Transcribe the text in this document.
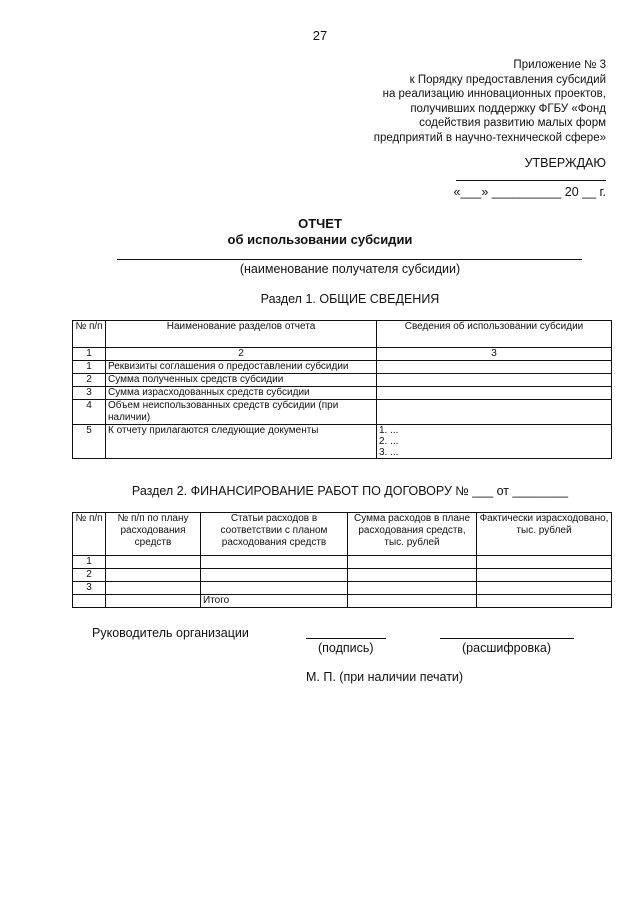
27
Приложение № 3
к Порядку предоставления субсидий
на реализацию инновационных проектов,
получивших поддержку ФГБУ «Фонд
содействия развитию малых форм
предприятий в научно-технической сфере»
УТВЕРЖДАЮ
«___» __________ 20 __ г.
ОТЧЕТ
об использовании субсидии
(наименование получателя субсидии)
Раздел 1. ОБЩИЕ СВЕДЕНИЯ
№ п/п	Наименование разделов отчета	Сведения об использовании субсидии
1	2	3
1	Реквизиты соглашения о предоставлении субсидии	
2	Сумма полученных средств субсидии	
3	Сумма израсходованных средств субсидии	
4	Объем неиспользованных средств субсидии (при наличии)	
5	К отчету прилагаются следующие документы	1. ...
2. ...
3. ...
Раздел 2. ФИНАНСИРОВАНИЕ РАБОТ ПО ДОГОВОРУ № ___ от ________
№ п/п	№ п/п по плану расходования средств	Статьи расходов в соответствии с планом расходования средств	Сумма расходов в плане расходования средств, тыс. рублей	Фактически израсходовано, тыс. рублей
1				
2				
3				
		Итого		
Руководитель организации
(подпись)	(расшифровка)
М. П. (при наличии печати)
